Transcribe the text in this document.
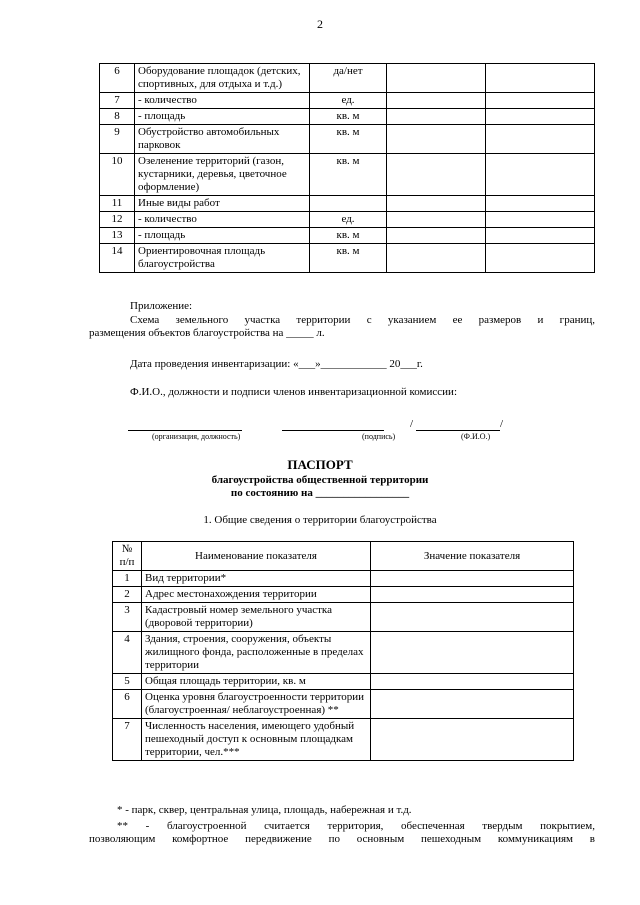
2
6	Оборудование площадок (детских, спортивных, для отдыха и т.д.)	да/нет		
7	- количество	ед.		
8	- площадь	кв. м		
9	Обустройство автомобильных парковок	кв. м		
10	Озеленение территорий (газон, кустарники, деревья, цветочное оформление)	кв. м		
11	Иные виды работ			
12	- количество	ед.		
13	- площадь	кв. м		
14	Ориентировочная площадь благоустройства	кв. м		
Приложение:
Схема земельного участка территории с указанием ее размеров и границ,
размещения объектов благоустройства на _____ л.
Дата проведения инвентаризации: «___»____________ 20___г.
Ф.И.О., должности и подписи членов инвентаризационной комиссии:
(организация, должность)	(подпись)
/	/
(Ф.И.О.)
ПАСПОРТ
благоустройства общественной территории
по состоянию на _________________
1. Общие сведения о территории благоустройства
№ п/п	Наименование показателя	Значение показателя
1	Вид территории*	
2	Адрес местонахождения территории	
3	Кадастровый номер земельного участка (дворовой территории)	
4	Здания, строения, сооружения, объекты жилищного фонда, расположенные в пределах территории	
5	Общая площадь территории, кв. м	
6	Оценка уровня благоустроенности территории (благоустроенная/ неблагоустроенная) **	
7	Численность населения, имеющего удобный пешеходный доступ к основным площадкам территории, чел.***	
* - парк, сквер, центральная улица, площадь, набережная и т.д.
** - благоустроенной считается территория, обеспеченная твердым покрытием,
позволяющим комфортное передвижение по основным пешеходным коммуникациям в
